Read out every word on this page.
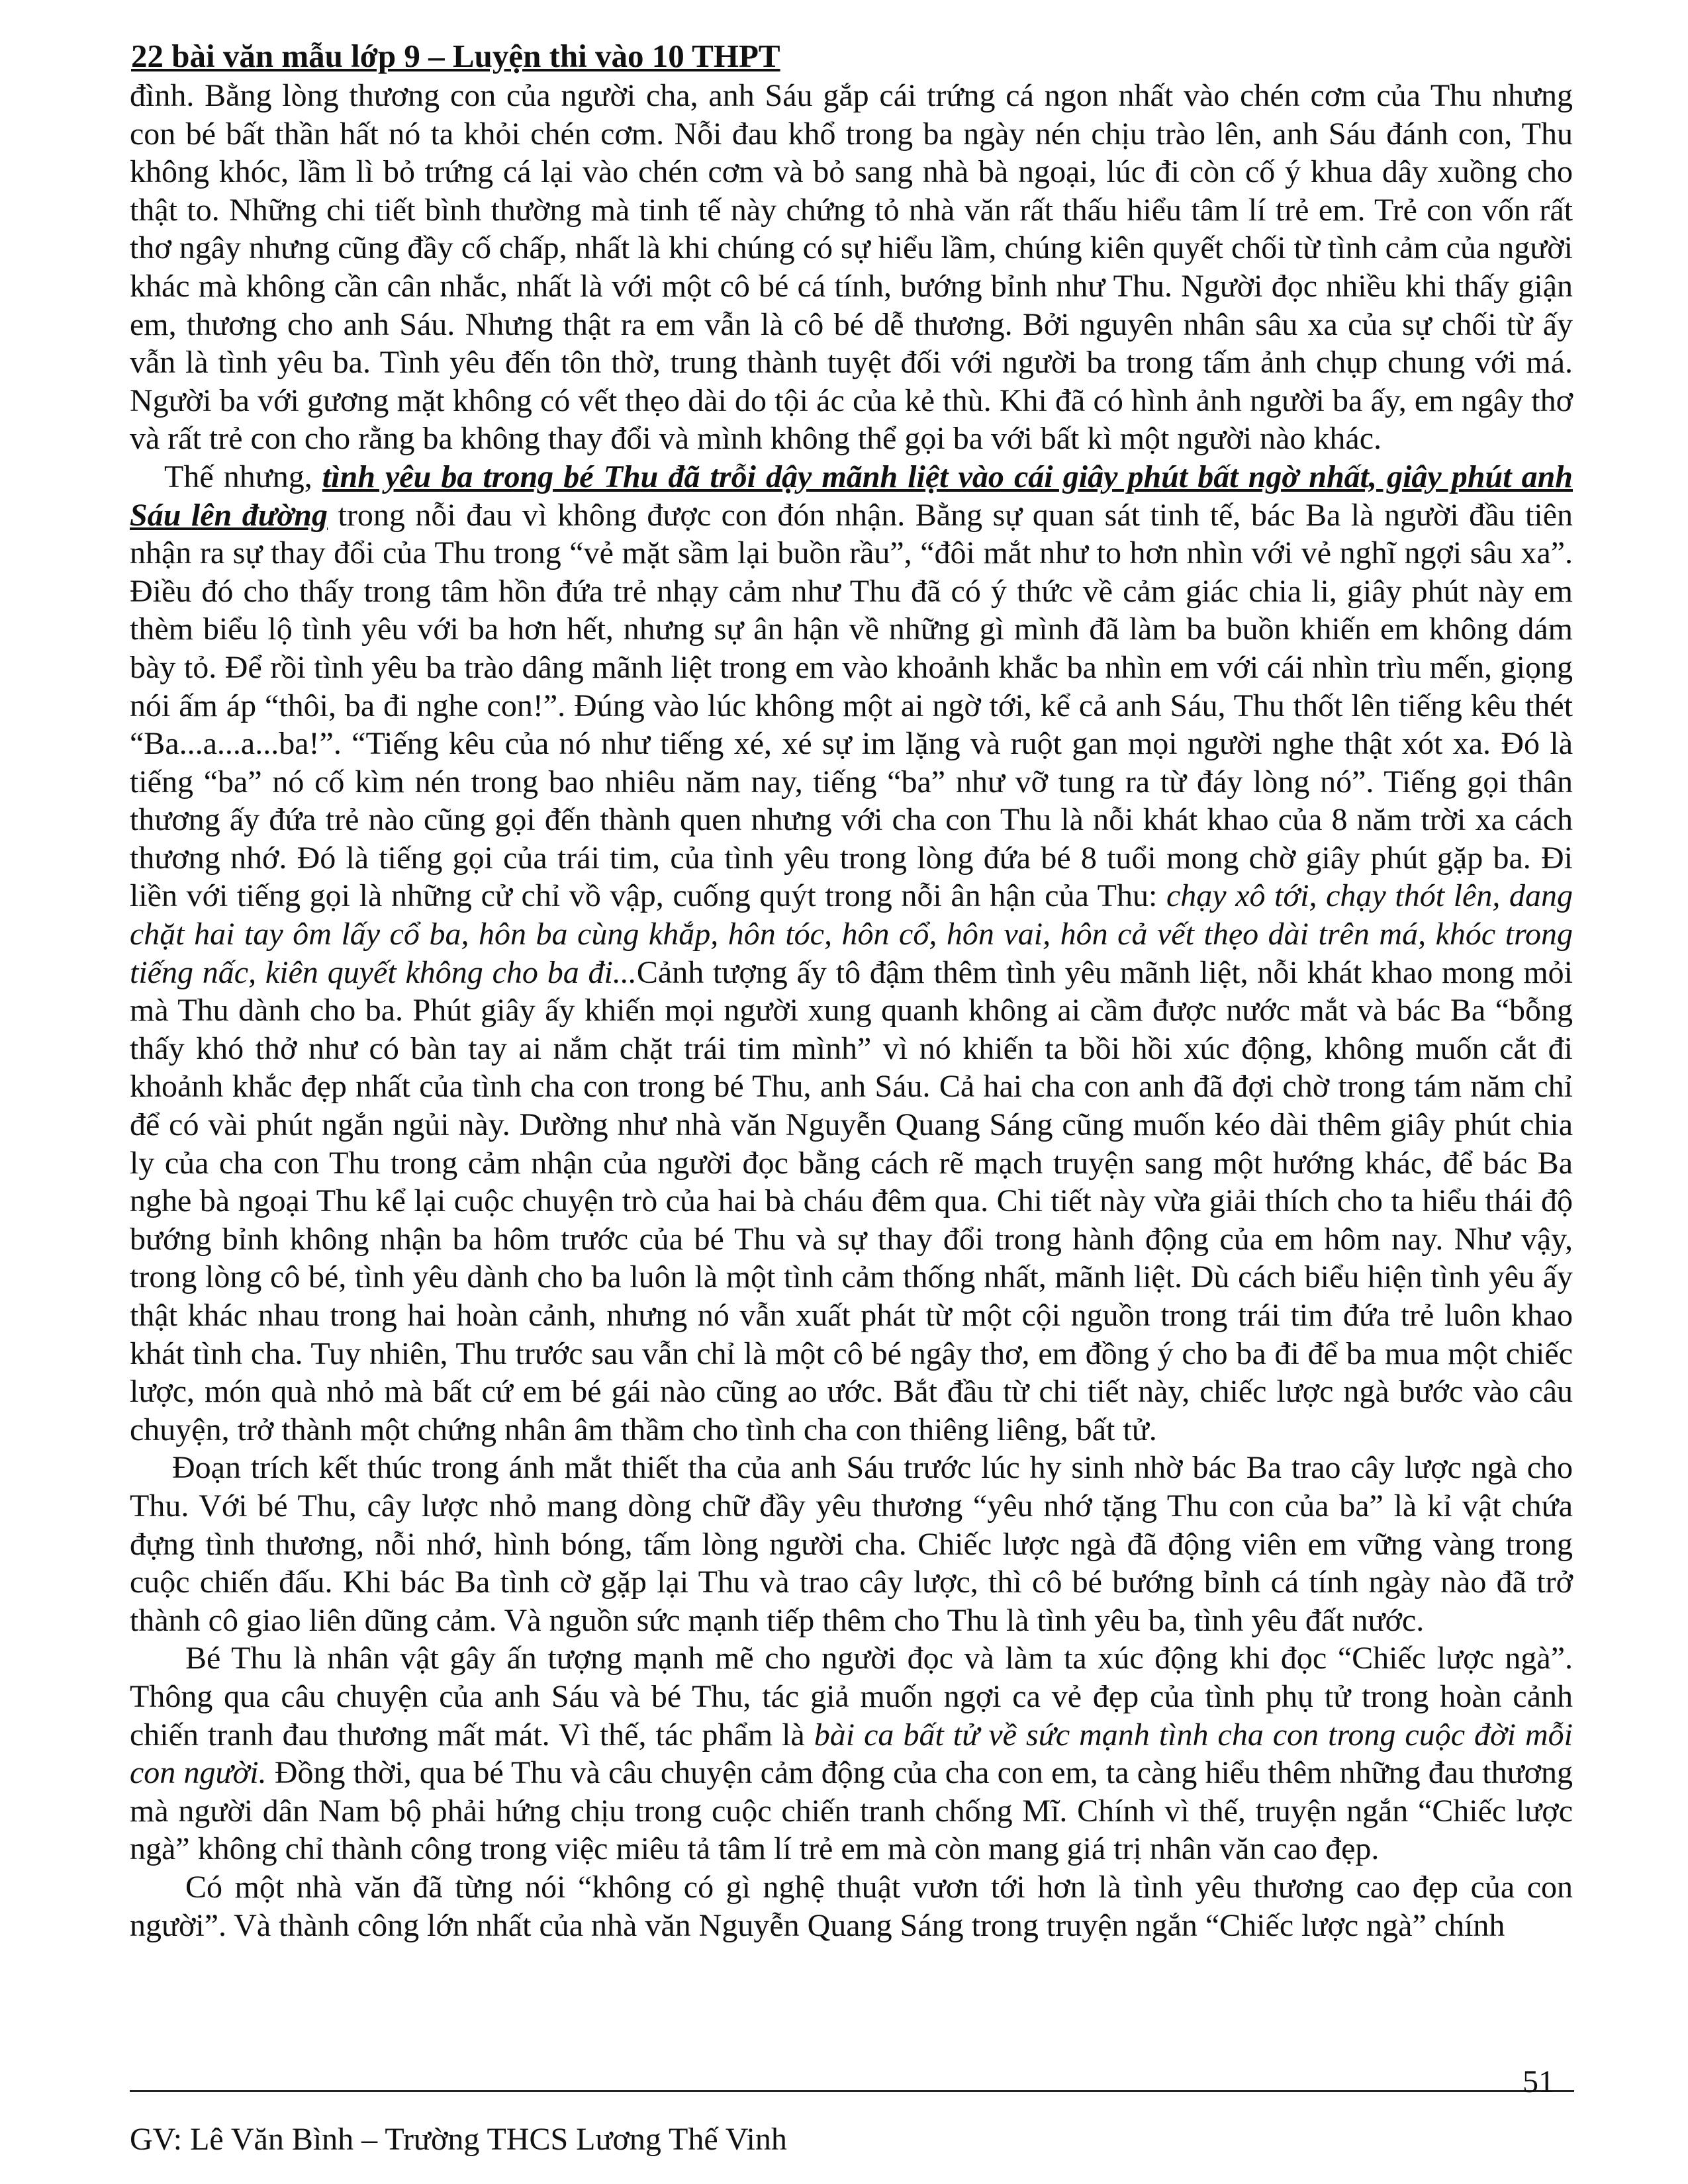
22 bài văn mẫu lớp 9 – Luyện thi vào 10 THPT

đình. Bằng lòng thương con của người cha, anh Sáu gắp cái trứng cá ngon nhất vào chén cơm của Thu nhưng con bé bất thần hất nó ta khỏi chén cơm. Nỗi đau khổ trong ba ngày nén chịu trào lên, anh Sáu đánh con, Thu không khóc, lầm lì bỏ trứng cá lại vào chén cơm và bỏ sang nhà bà ngoại, lúc đi còn cố ý khua dây xuồng cho thật to. Những chi tiết bình thường mà tinh tế này chứng tỏ nhà văn rất thấu hiểu tâm lí trẻ em. Trẻ con vốn rất thơ ngây nhưng cũng đầy cố chấp, nhất là khi chúng có sự hiểu lầm, chúng kiên quyết chối từ tình cảm của người khác mà không cần cân nhắc, nhất là với một cô bé cá tính, bướng bỉnh như Thu. Người đọc nhiều khi thấy giận em, thương cho anh Sáu. Nhưng thật ra em vẫn là cô bé dễ thương. Bởi nguyên nhân sâu xa của sự chối từ ấy vẫn là tình yêu ba. Tình yêu đến tôn thờ, trung thành tuyệt đối với người ba trong tấm ảnh chụp chung với má. Người ba với gương mặt không có vết thẹo dài do tội ác của kẻ thù. Khi đã có hình ảnh người ba ấy, em ngây thơ và rất trẻ con cho rằng ba không thay đổi và mình không thể gọi ba với bất kì một người nào khác.

Thế nhưng, tình yêu ba trong bé Thu đã trỗi dậy mãnh liệt vào cái giây phút bất ngờ nhất, giây phút anh Sáu lên đường trong nỗi đau vì không được con đón nhận. Bằng sự quan sát tinh tế, bác Ba là người đầu tiên nhận ra sự thay đổi của Thu trong “vẻ mặt sầm lại buồn rầu”, “đôi mắt như to hơn nhìn với vẻ nghĩ ngợi sâu xa”. Điều đó cho thấy trong tâm hồn đứa trẻ nhạy cảm như Thu đã có ý thức về cảm giác chia li, giây phút này em thèm biểu lộ tình yêu với ba hơn hết, nhưng sự ân hận về những gì mình đã làm ba buồn khiến em không dám bày tỏ. Để rồi tình yêu ba trào dâng mãnh liệt trong em vào khoảnh khắc ba nhìn em với cái nhìn trìu mến, giọng nói ấm áp “thôi, ba đi nghe con!”. Đúng vào lúc không một ai ngờ tới, kể cả anh Sáu, Thu thốt lên tiếng kêu thét “Ba...a...a...ba!”. “Tiếng kêu của nó như tiếng xé, xé sự im lặng và ruột gan mọi người nghe thật xót xa. Đó là tiếng “ba” nó cố kìm nén trong bao nhiêu năm nay, tiếng “ba” như vỡ tung ra từ đáy lòng nó”. Tiếng gọi thân thương ấy đứa trẻ nào cũng gọi đến thành quen nhưng với cha con Thu là nỗi khát khao của 8 năm trời xa cách thương nhớ. Đó là tiếng gọi của trái tim, của tình yêu trong lòng đứa bé 8 tuổi mong chờ giây phút gặp ba. Đi liền với tiếng gọi là những cử chỉ vồ vập, cuống quýt trong nỗi ân hận của Thu: chạy xô tới, chạy thót lên, dang chặt hai tay ôm lấy cổ ba, hôn ba cùng khắp, hôn tóc, hôn cổ, hôn vai, hôn cả vết thẹo dài trên má, khóc trong tiếng nấc, kiên quyết không cho ba đi...Cảnh tượng ấy tô đậm thêm tình yêu mãnh liệt, nỗi khát khao mong mỏi mà Thu dành cho ba. Phút giây ấy khiến mọi người xung quanh không ai cầm được nước mắt và bác Ba “bỗng thấy khó thở như có bàn tay ai nắm chặt trái tim mình” vì nó khiến ta bồi hồi xúc động, không muốn cắt đi khoảnh khắc đẹp nhất của tình cha con trong bé Thu, anh Sáu. Cả hai cha con anh đã đợi chờ trong tám năm chỉ để có vài phút ngắn ngủi này. Dường như nhà văn Nguyễn Quang Sáng cũng muốn kéo dài thêm giây phút chia ly của cha con Thu trong cảm nhận của người đọc bằng cách rẽ mạch truyện sang một hướng khác, để bác Ba nghe bà ngoại Thu kể lại cuộc chuyện trò của hai bà cháu đêm qua. Chi tiết này vừa giải thích cho ta hiểu thái độ bướng bỉnh không nhận ba hôm trước của bé Thu và sự thay đổi trong hành động của em hôm nay. Như vậy, trong lòng cô bé, tình yêu dành cho ba luôn là một tình cảm thống nhất, mãnh liệt. Dù cách biểu hiện tình yêu ấy thật khác nhau trong hai hoàn cảnh, nhưng nó vẫn xuất phát từ một cội nguồn trong trái tim đứa trẻ luôn khao khát tình cha. Tuy nhiên, Thu trước sau vẫn chỉ là một cô bé ngây thơ, em đồng ý cho ba đi để ba mua một chiếc lược, món quà nhỏ mà bất cứ em bé gái nào cũng ao ước. Bắt đầu từ chi tiết này, chiếc lược ngà bước vào câu chuyện, trở thành một chứng nhân âm thầm cho tình cha con thiêng liêng, bất tử.

Đoạn trích kết thúc trong ánh mắt thiết tha của anh Sáu trước lúc hy sinh nhờ bác Ba trao cây lược ngà cho Thu. Với bé Thu, cây lược nhỏ mang dòng chữ đầy yêu thương “yêu nhớ tặng Thu con của ba” là kỉ vật chứa đựng tình thương, nỗi nhớ, hình bóng, tấm lòng người cha. Chiếc lược ngà đã động viên em vững vàng trong cuộc chiến đấu. Khi bác Ba tình cờ gặp lại Thu và trao cây lược, thì cô bé bướng bỉnh cá tính ngày nào đã trở thành cô giao liên dũng cảm. Và nguồn sức mạnh tiếp thêm cho Thu là tình yêu ba, tình yêu đất nước.

Bé Thu là nhân vật gây ấn tượng mạnh mẽ cho người đọc và làm ta xúc động khi đọc “Chiếc lược ngà”. Thông qua câu chuyện của anh Sáu và bé Thu, tác giả muốn ngợi ca vẻ đẹp của tình phụ tử trong hoàn cảnh chiến tranh đau thương mất mát. Vì thế, tác phẩm là bài ca bất tử về sức mạnh tình cha con trong cuộc đời mỗi con người. Đồng thời, qua bé Thu và câu chuyện cảm động của cha con em, ta càng hiểu thêm những đau thương mà người dân Nam bộ phải hứng chịu trong cuộc chiến tranh chống Mĩ. Chính vì thế, truyện ngắn “Chiếc lược ngà” không chỉ thành công trong việc miêu tả tâm lí trẻ em mà còn mang giá trị nhân văn cao đẹp.

Có một nhà văn đã từng nói “không có gì nghệ thuật vươn tới hơn là tình yêu thương cao đẹp của con người”. Và thành công lớn nhất của nhà văn Nguyễn Quang Sáng trong truyện ngắn “Chiếc lược ngà” chính

51
GV: Lê Văn Bình – Trường THCS Lương Thế Vinh
